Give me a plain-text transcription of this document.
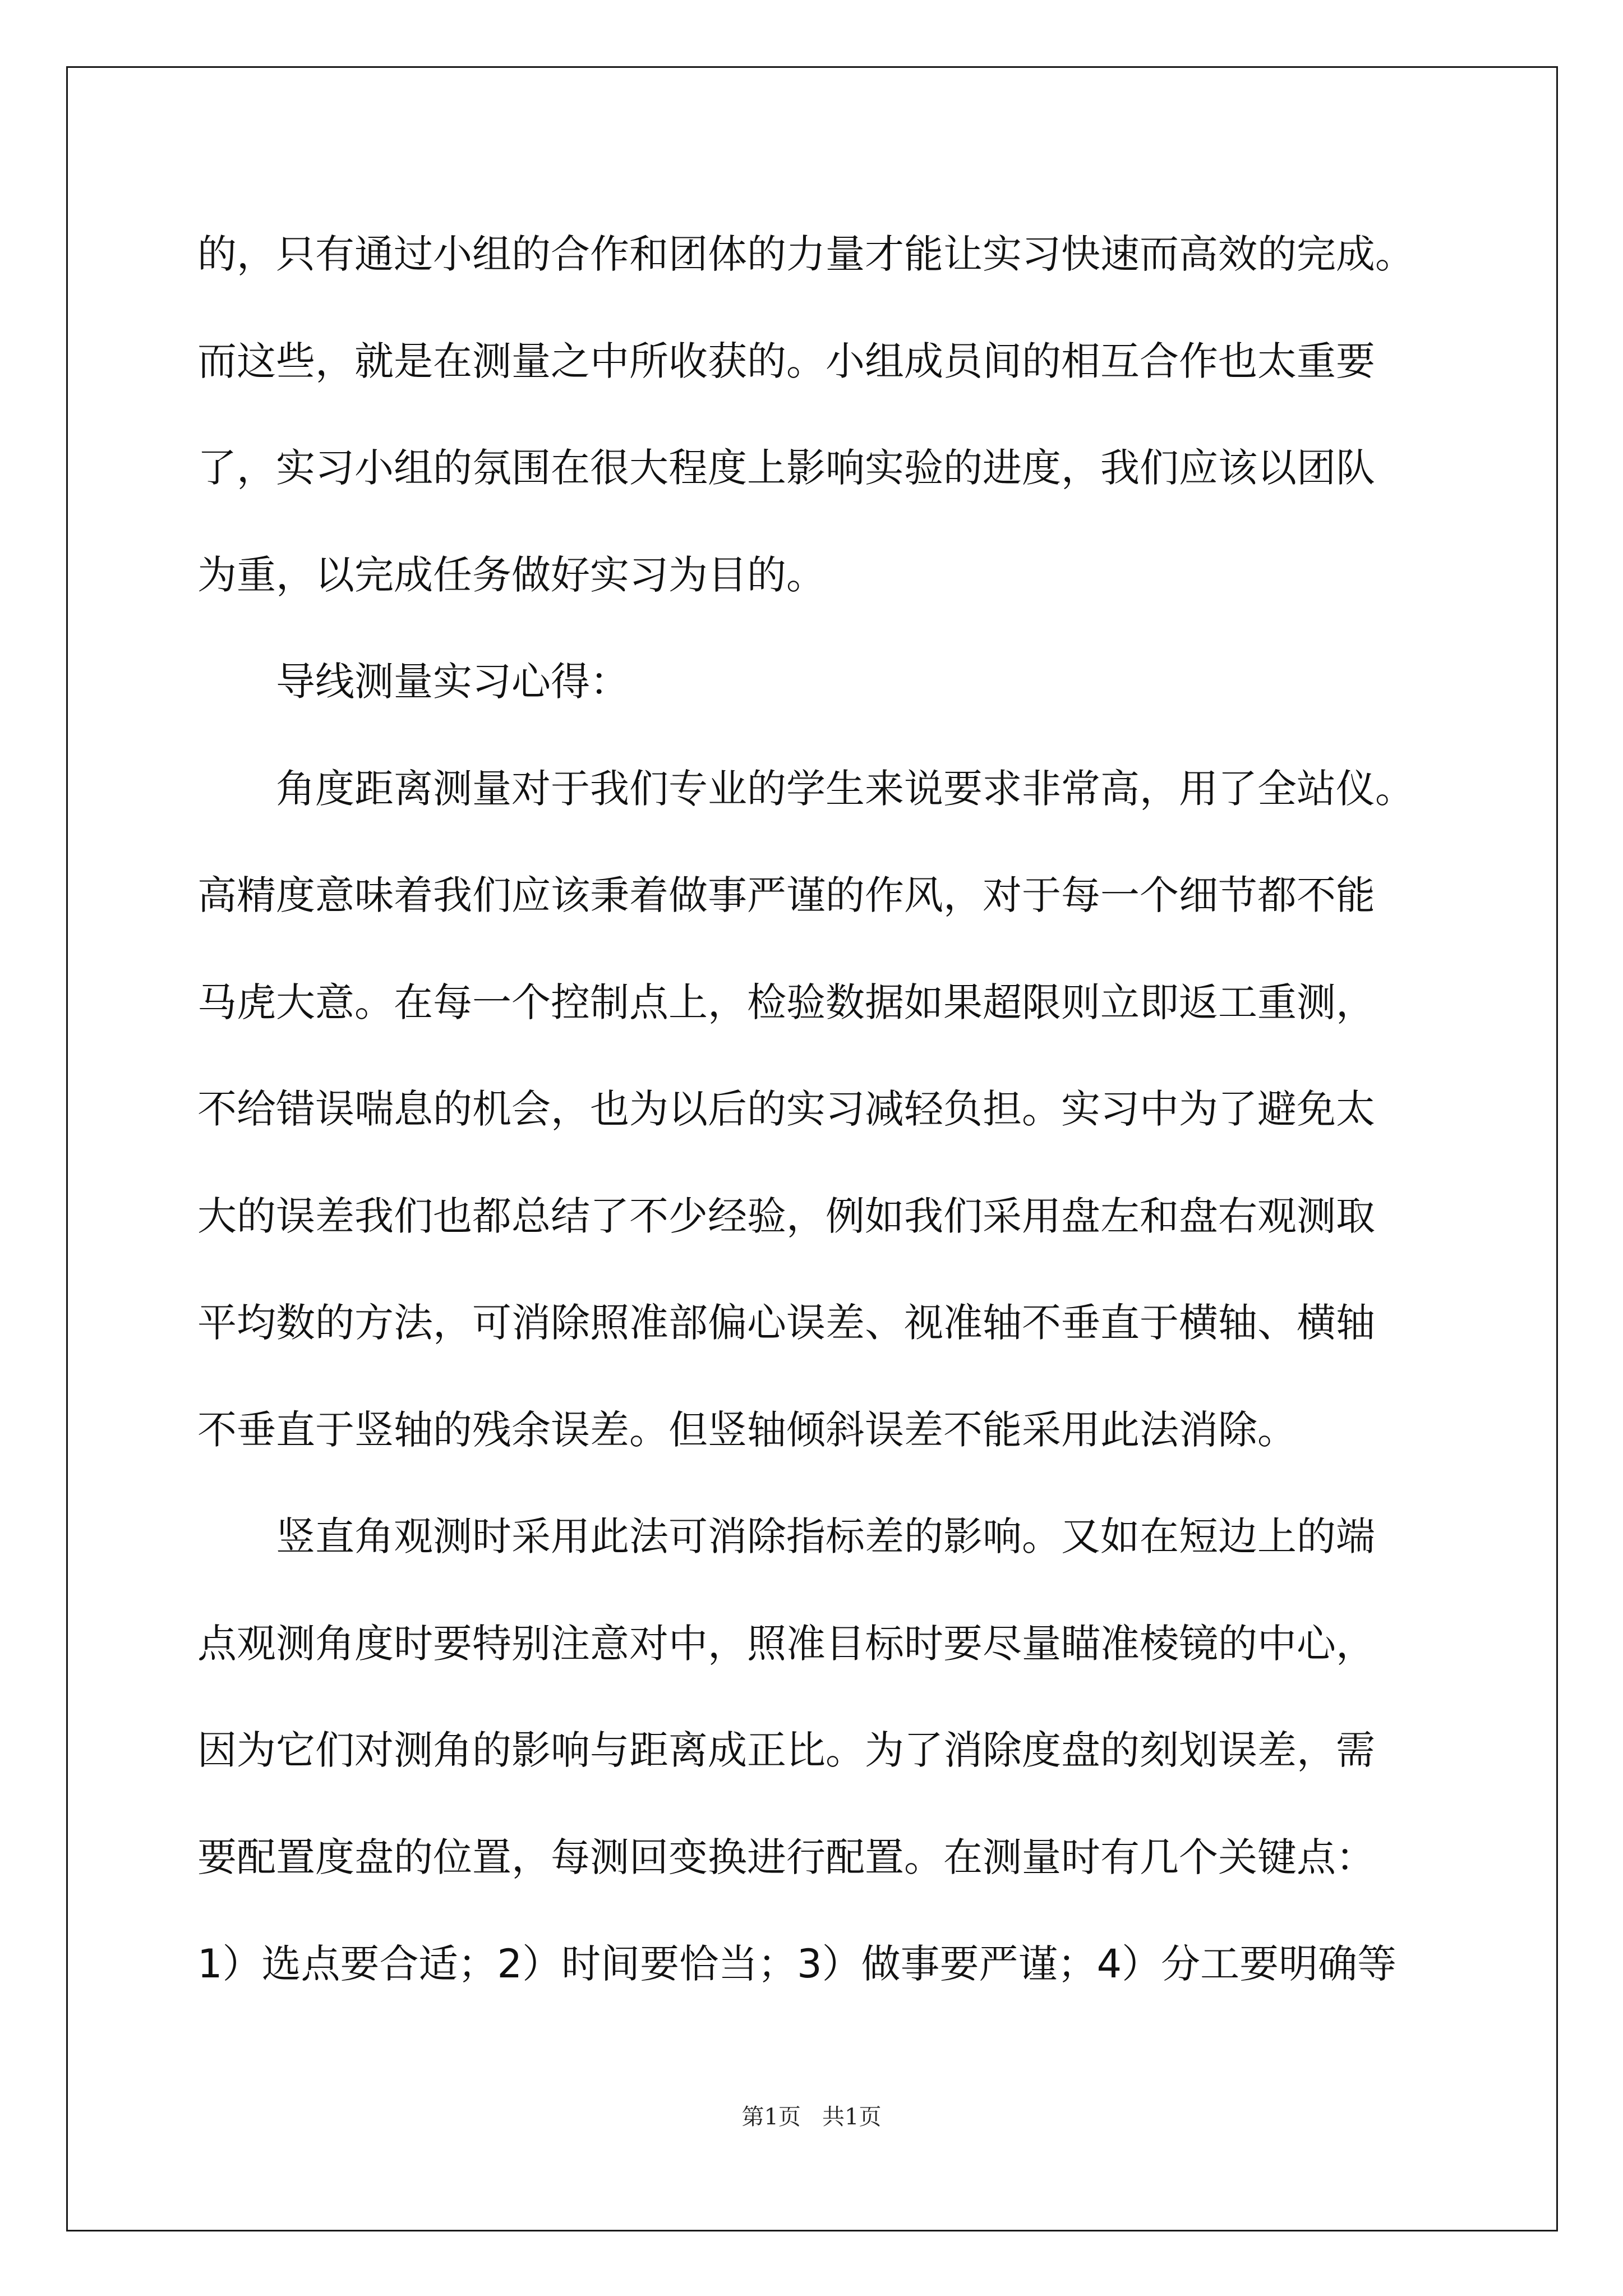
的，只有通过小组的合作和团体的力量才能让实习快速而高效的完成。
而这些，就是在测量之中所收获的。小组成员间的相互合作也太重要
了，实习小组的氛围在很大程度上影响实验的进度，我们应该以团队
为重，以完成任务做好实习为目的。
　　导线测量实习心得：
　　角度距离测量对于我们专业的学生来说要求非常高，用了全站仪。
高精度意味着我们应该秉着做事严谨的作风，对于每一个细节都不能
马虎大意。在每一个控制点上，检验数据如果超限则立即返工重测，
不给错误喘息的机会，也为以后的实习减轻负担。实习中为了避免太
大的误差我们也都总结了不少经验，例如我们采用盘左和盘右观测取
平均数的方法，可消除照准部偏心误差、视准轴不垂直于横轴、横轴
不垂直于竖轴的残余误差。但竖轴倾斜误差不能采用此法消除。
　　竖直角观测时采用此法可消除指标差的影响。又如在短边上的端
点观测角度时要特别注意对中，照准目标时要尽量瞄准棱镜的中心，
因为它们对测角的影响与距离成正比。为了消除度盘的刻划误差，需
要配置度盘的位置，每测回变换进行配置。在测量时有几个关键点：
1）选点要合适；2）时间要恰当；3）做事要严谨；4）分工要明确等
第1页   共1页
